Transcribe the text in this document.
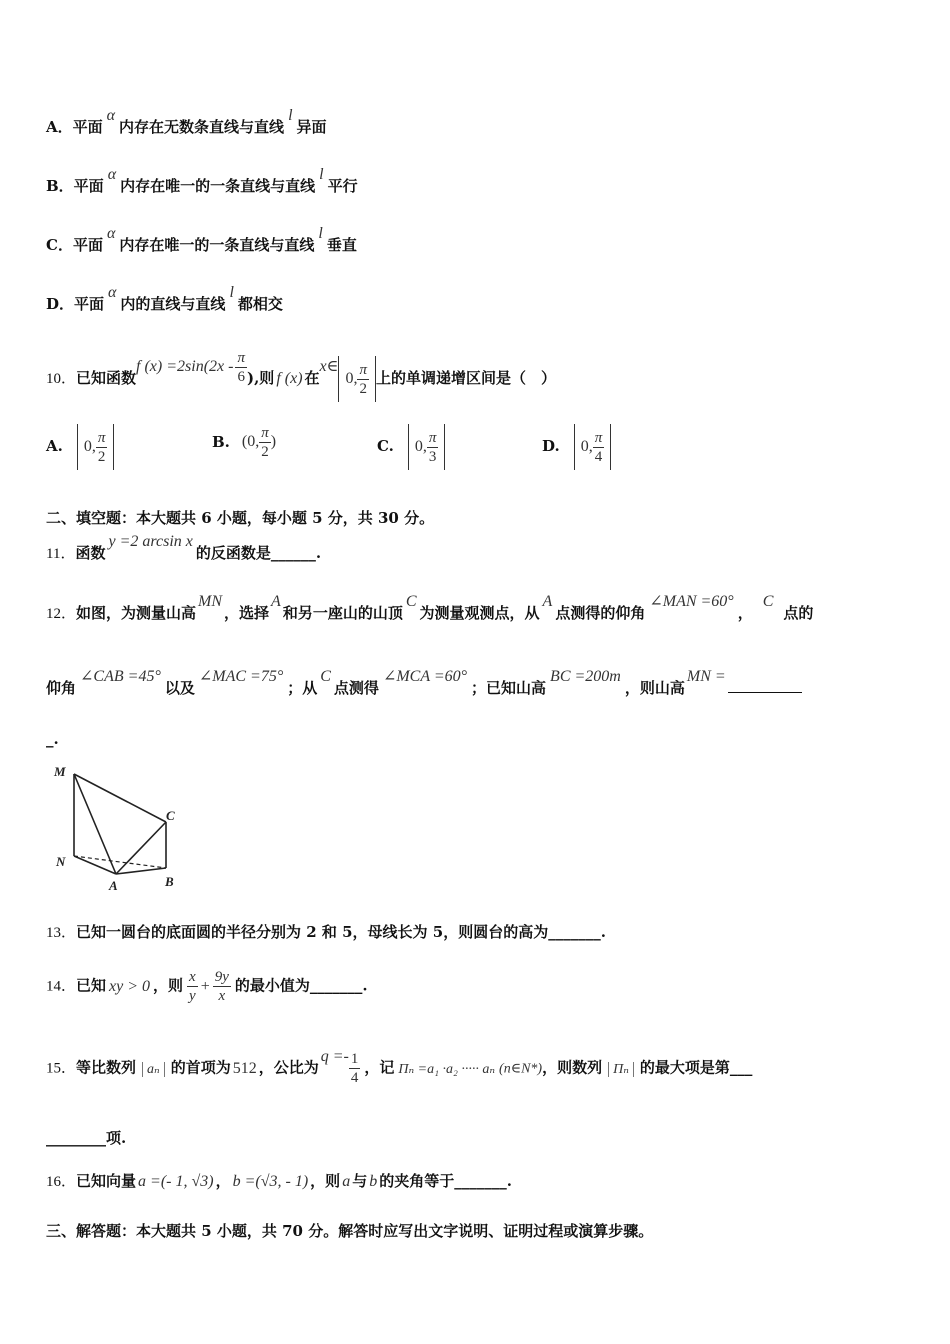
A．平面α内存在无数条直线与直线l异面
B．平面α内存在唯一的一条直线与直线l平行
C．平面α内存在唯一的一条直线与直线l垂直
D．平面α内的直线与直线l都相交
10．已知函数f $(x) =2\sin(2x - \frac{\pi}{6}$ ),则 f (x) 在x∈0, $\frac{\pi}{2}$ 上的单调递增区间是（　）
A. 0, $\frac{\pi}{2}$	B. (0, $\frac{\pi}{2}$ )	C. 0, $\frac{\pi}{3}$	D. 0, $\frac{\pi}{4}$
二、填空题：本大题共 6 小题，每小题 5 分，共 30 分。
11．函数y =2 arcsin x的反函数是______.
12．如图，为测量山高MN，选择A和另一座山的山顶C为测量观测点，从A点测得的仰角∠MAN =60°，C点的
仰角∠CAB =45°以及∠MAC =75°；从C点测得∠MCA =60°；已知山高BC =200m，则山高MN =
_.
M
N
A	B
C
13．已知一圆台的底面圆的半径分别为 2 和 5，母线长为 5，则圆台的高为_______.
14．已知 xy > 0 ，则 $\frac{x}{y} + \frac{9y}{x}$ 的最小值为_______.
15．等比数列 aₙ 的首项为 512 ，公比为$q =- \frac{1}{4}$ ，记 Πₙ =a₁ ·a₂ ····· aₙ (n∈N*)，则数列 Πₙ 的最大项是第___
________项.
16．已知向量 a =(- 1, √3) ， b =(√3, - 1) ，则 a 与 b 的夹角等于_______.
三、解答题：本大题共 5 小题，共 70 分。解答时应写出文字说明、证明过程或演算步骤。
